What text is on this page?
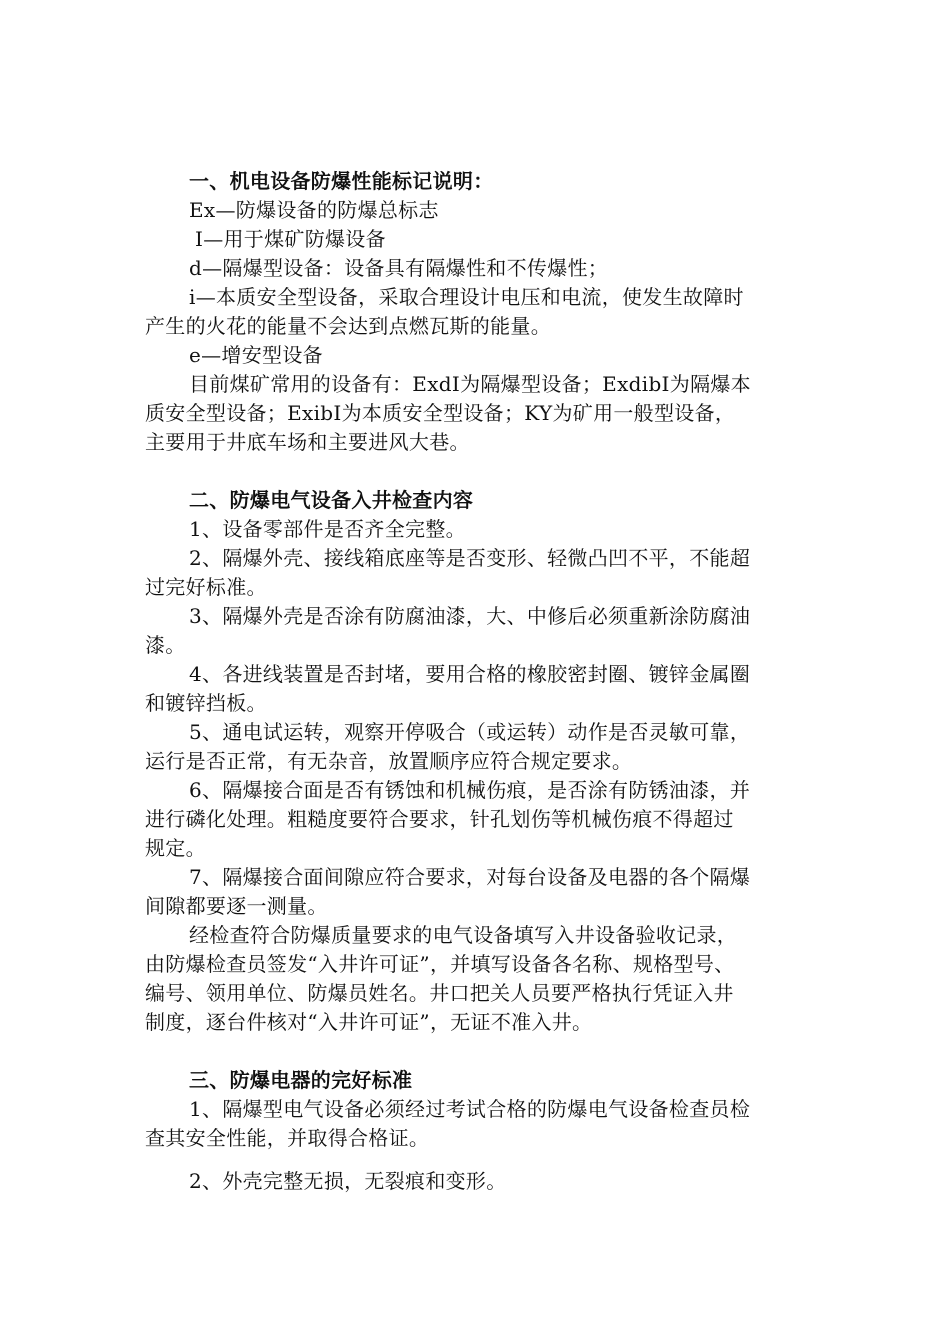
一、机电设备防爆性能标记说明：
Ex—防爆设备的防爆总标志
Ⅰ—用于煤矿防爆设备
d—隔爆型设备：设备具有隔爆性和不传爆性；
i—本质安全型设备，采取合理设计电压和电流，使发生故障时
产生的火花的能量不会达到点燃瓦斯的能量。
e—增安型设备
目前煤矿常用的设备有：ExdI为隔爆型设备；ExdibI为隔爆本
质安全型设备；ExibI为本质安全型设备；KY为矿用一般型设备，
主要用于井底车场和主要进风大巷。
二、防爆电气设备入井检查内容
1、设备零部件是否齐全完整。
2、隔爆外壳、接线箱底座等是否变形、轻微凸凹不平，不能超
过完好标准。
3、隔爆外壳是否涂有防腐油漆，大、中修后必须重新涂防腐油
漆。
4、各进线装置是否封堵，要用合格的橡胶密封圈、镀锌金属圈
和镀锌挡板。
5、通电试运转，观察开停吸合（或运转）动作是否灵敏可靠，
运行是否正常，有无杂音，放置顺序应符合规定要求。
6、隔爆接合面是否有锈蚀和机械伤痕，是否涂有防锈油漆，并
进行磷化处理。粗糙度要符合要求，针孔划伤等机械伤痕不得超过
规定。
7、隔爆接合面间隙应符合要求，对每台设备及电器的各个隔爆
间隙都要逐一测量。
经检查符合防爆质量要求的电气设备填写入井设备验收记录，
由防爆检查员签发“入井许可证”，并填写设备各名称、规格型号、
编号、领用单位、防爆员姓名。井口把关人员要严格执行凭证入井
制度，逐台件核对“入井许可证”，无证不准入井。
三、防爆电器的完好标准
1、隔爆型电气设备必须经过考试合格的防爆电气设备检查员检
查其安全性能，并取得合格证。
2、外壳完整无损，无裂痕和变形。
